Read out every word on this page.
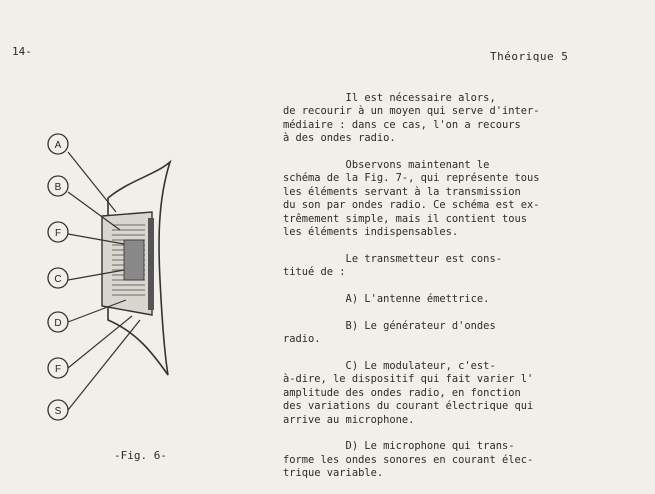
14-	Théorique 5
Il est nécessaire alors,
de recourir à un moyen qui serve d'inter-
médiaire : dans ce cas, l'on a recours
à des ondes radio.
Observons maintenant le
schéma de la Fig. 7-, qui représente tous
les éléments servant à la transmission
du son par ondes radio. Ce schéma est ex-
trêmement simple, mais il contient tous
les éléments indispensables.
Le transmetteur est cons-
titué de :
A) L'antenne émettrice.
B) Le générateur d'ondes
radio.
C) Le modulateur, c'est-
à-dire, le dispositif qui fait varier l'
amplitude des ondes radio, en fonction
des variations du courant électrique qui
arrive au microphone.
D) Le microphone qui trans-
forme les ondes sonores en courant élec-
trique variable.
A
B
F
C
D
F
S
-Fig. 6-
